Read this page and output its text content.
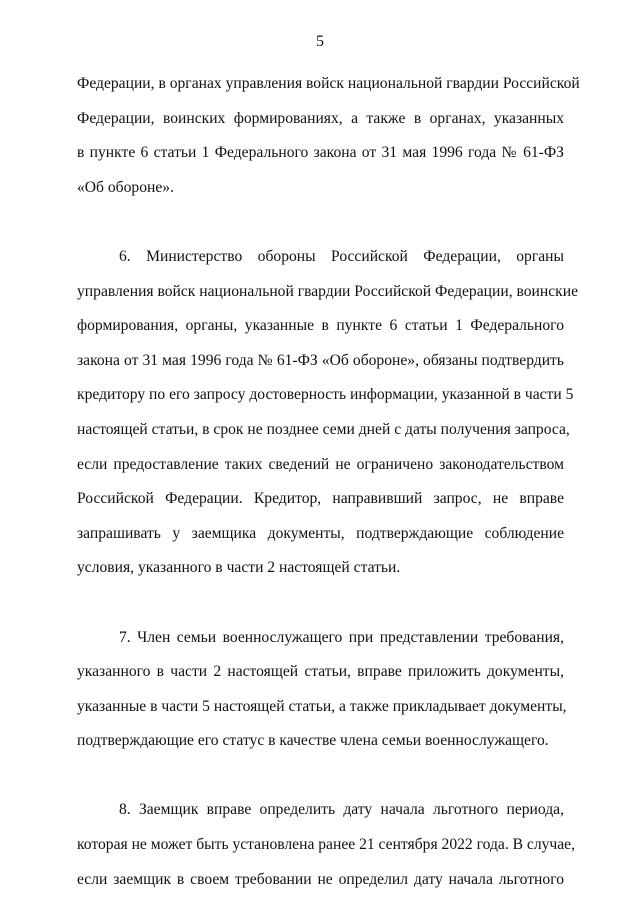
5
Федерации, в органах управления войск национальной гвардии Российской
Федерации, воинских формированиях, а также в органах, указанных
в пункте 6 статьи 1 Федерального закона от 31 мая 1996 года № 61-ФЗ
«Об обороне».
6. Министерство обороны Российской Федерации, органы
управления войск национальной гвардии Российской Федерации, воинские
формирования, органы, указанные в пункте 6 статьи 1 Федерального
закона от 31 мая 1996 года № 61-ФЗ «Об обороне», обязаны подтвердить
кредитору по его запросу достоверность информации, указанной в части 5
настоящей статьи, в срок не позднее семи дней с даты получения запроса,
если предоставление таких сведений не ограничено законодательством
Российской Федерации. Кредитор, направивший запрос, не вправе
запрашивать у заемщика документы, подтверждающие соблюдение
условия, указанного в части 2 настоящей статьи.
7. Член семьи военнослужащего при представлении требования,
указанного в части 2 настоящей статьи, вправе приложить документы,
указанные в части 5 настоящей статьи, а также прикладывает документы,
подтверждающие его статус в качестве члена семьи военнослужащего.
8. Заемщик вправе определить дату начала льготного периода,
которая не может быть установлена ранее 21 сентября 2022 года. В случае,
если заемщик в своем требовании не определил дату начала льготного
